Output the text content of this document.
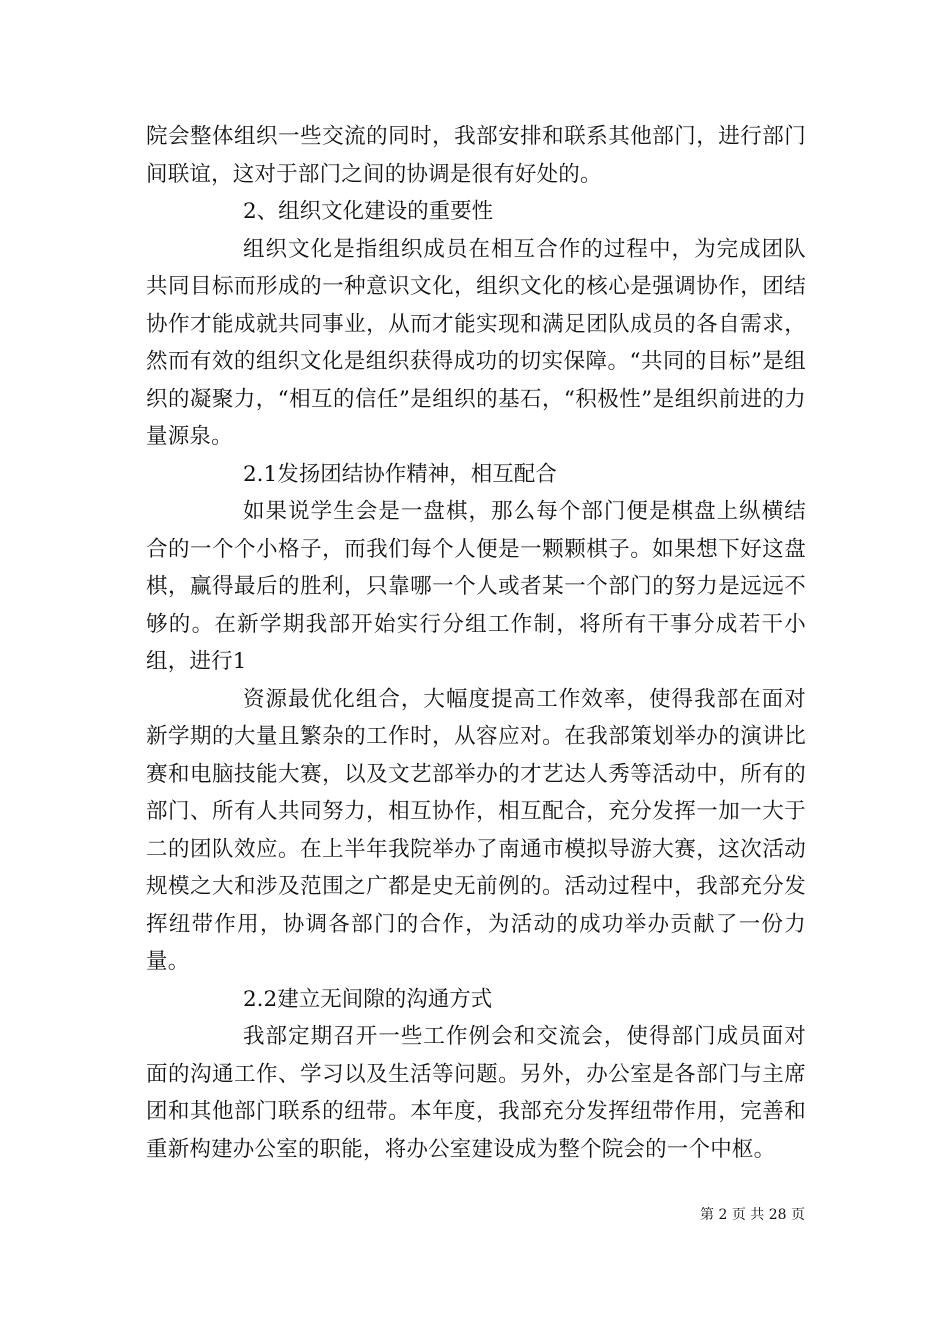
院会整体组织一些交流的同时，我部安排和联系其他部门，进行部门间联谊，这对于部门之间的协调是很有好处的。

2、组织文化建设的重要性

组织文化是指组织成员在相互合作的过程中，为完成团队共同目标而形成的一种意识文化，组织文化的核心是强调协作，团结协作才能成就共同事业，从而才能实现和满足团队成员的各自需求，然而有效的组织文化是组织获得成功的切实保障。“共同的目标”是组织的凝聚力，“相互的信任”是组织的基石，“积极性”是组织前进的力量源泉。

2.1发扬团结协作精神，相互配合

如果说学生会是一盘棋，那么每个部门便是棋盘上纵横结合的一个个小格子，而我们每个人便是一颗颗棋子。如果想下好这盘棋，赢得最后的胜利，只靠哪一个人或者某一个部门的努力是远远不够的。在新学期我部开始实行分组工作制，将所有干事分成若干小组，进行1

资源最优化组合，大幅度提高工作效率，使得我部在面对新学期的大量且繁杂的工作时，从容应对。在我部策划举办的演讲比赛和电脑技能大赛，以及文艺部举办的才艺达人秀等活动中，所有的部门、所有人共同努力，相互协作，相互配合，充分发挥一加一大于二的团队效应。在上半年我院举办了南通市模拟导游大赛，这次活动规模之大和涉及范围之广都是史无前例的。活动过程中，我部充分发挥纽带作用，协调各部门的合作，为活动的成功举办贡献了一份力量。

2.2建立无间隙的沟通方式

我部定期召开一些工作例会和交流会，使得部门成员面对面的沟通工作、学习以及生活等问题。另外，办公室是各部门与主席团和其他部门联系的纽带。本年度，我部充分发挥纽带作用，完善和重新构建办公室的职能，将办公室建设成为整个院会的一个中枢。

第 2 页 共 28 页
